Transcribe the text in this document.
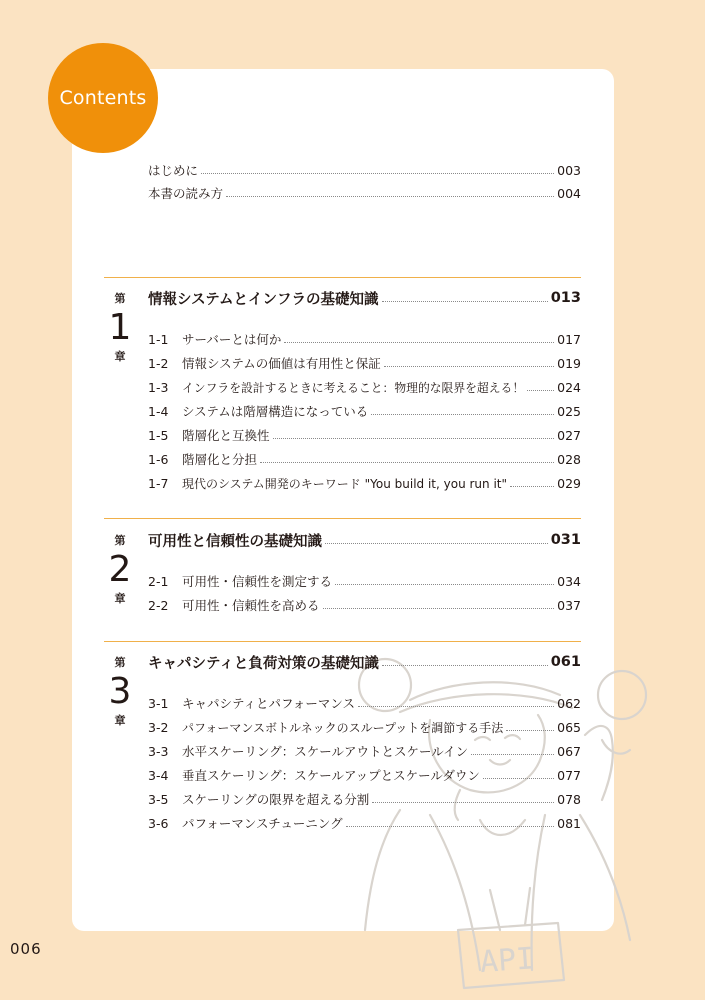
API
Contents
はじめに	003
本書の読み方	004
第
1
章
情報システムとインフラの基礎知識	013
1-1	サーバーとは何か	017
1-2	情報システムの価値は有用性と保証	019
1-3	インフラを設計するときに考えること：物理的な限界を超える！	024
1-4	システムは階層構造になっている	025
1-5	階層化と互換性	027
1-6	階層化と分担	028
1-7	現代のシステム開発のキーワード "You build it, you run it"	029
第
2
章
可用性と信頼性の基礎知識	031
2-1	可用性・信頼性を測定する	034
2-2	可用性・信頼性を高める	037
第
3
章
キャパシティと負荷対策の基礎知識	061
3-1	キャパシティとパフォーマンス	062
3-2	パフォーマンスボトルネックのスループットを調節する手法	065
3-3	水平スケーリング：スケールアウトとスケールイン	067
3-4	垂直スケーリング：スケールアップとスケールダウン	077
3-5	スケーリングの限界を超える分割	078
3-6	パフォーマンスチューニング	081
006
